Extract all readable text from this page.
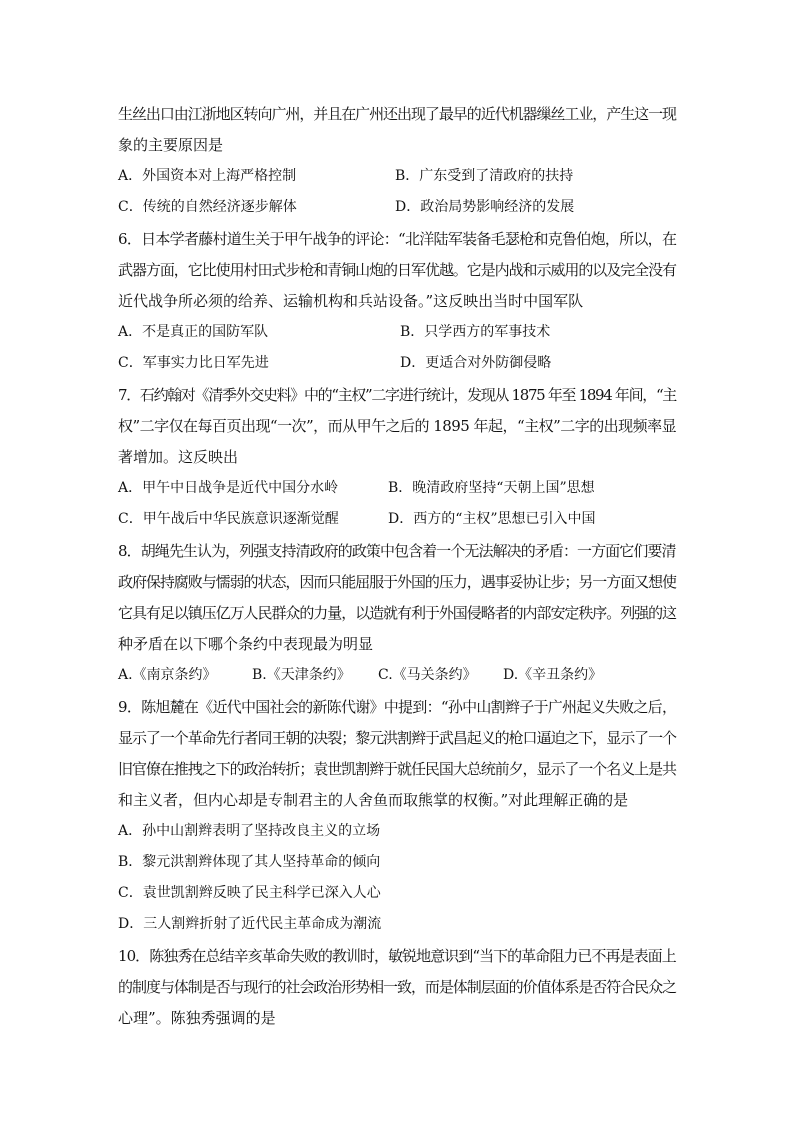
生丝出口由江浙地区转向广州，并且在广州还出现了最早的近代机器缫丝工业，产生这一现
象的主要原因是
A．外国资本对上海严格控制	B．广东受到了清政府的扶持
C．传统的自然经济逐步解体	D．政治局势影响经济的发展
6．日本学者藤村道生关于甲午战争的评论：“北洋陆军装备毛瑟枪和克鲁伯炮，所以，在
武器方面，它比使用村田式步枪和青铜山炮的日军优越。它是内战和示威用的以及完全没有
近代战争所必须的给养、运输机构和兵站设备。”这反映出当时中国军队
A．不是真正的国防军队	B．只学西方的军事技术
C．军事实力比日军先进	D．更适合对外防御侵略
7．石约翰对《清季外交史料》中的“主权”二字进行统计，发现从 1875 年至 1894 年间，“主
权”二字仅在每百页出现“一次”，而从甲午之后的 1895 年起，“主权”二字的出现频率显
著增加。这反映出
A．甲午中日战争是近代中国分水岭	B．晚清政府坚持“天朝上国”思想
C．甲午战后中华民族意识逐渐觉醒	D．西方的“主权”思想已引入中国
8．胡绳先生认为，列强支持清政府的政策中包含着一个无法解决的矛盾：一方面它们要清
政府保持腐败与懦弱的状态，因而只能屈服于外国的压力，遇事妥协让步；另一方面又想使
它具有足以镇压亿万人民群众的力量，以造就有利于外国侵略者的内部安定秩序。列强的这
种矛盾在以下哪个条约中表现最为明显
A.《南京条约》	B.《天津条约》 C.《马关条约》 D.《辛丑条约》
9．陈旭麓在《近代中国社会的新陈代谢》中提到：“孙中山割辫子于广州起义失败之后，
显示了一个革命先行者同王朝的决裂；黎元洪割辫于武昌起义的枪口逼迫之下，显示了一个
旧官僚在推拽之下的政治转折；袁世凯割辫于就任民国大总统前夕，显示了一个名义上是共
和主义者，但内心却是专制君主的人舍鱼而取熊掌的权衡。”对此理解正确的是
A．孙中山割辫表明了坚持改良主义的立场
B．黎元洪割辫体现了其人坚持革命的倾向
C．袁世凯割辫反映了民主科学已深入人心
D．三人割辫折射了近代民主革命成为潮流
10．陈独秀在总结辛亥革命失败的教训时，敏锐地意识到“当下的革命阻力已不再是表面上
的制度与体制是否与现行的社会政治形势相一致，而是体制层面的价值体系是否符合民众之
心理”。陈独秀强调的是
